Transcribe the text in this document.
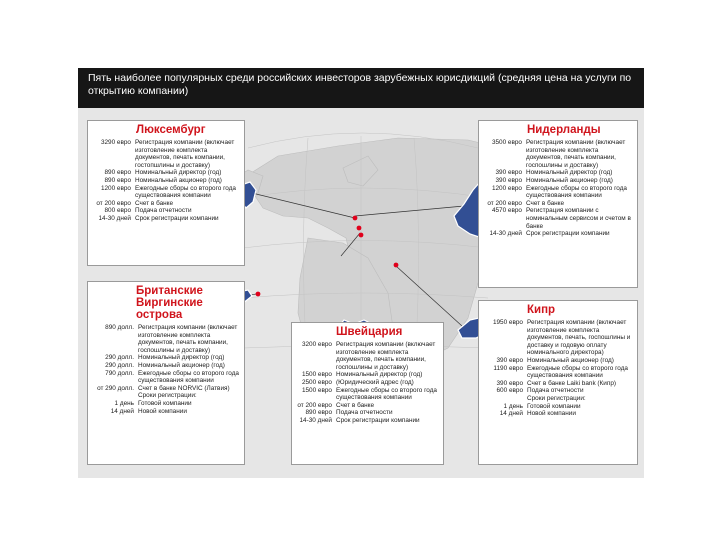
Пять наиболее популярных среди российских инвесторов зарубежных юрисдикций (средняя цена на услуги по открытию компании)
Люксембург
3290 евро Регистрация компании (включает изготовление комплекта документов, печать компании, гостопшлины и доставку)
890 евро Номинальный директор (год)
890 евро Номинальный акционер (год)
1200 евро Ежегодные сборы со второго года существования компании
от 200 евро Счет в банке
800 евро Подача отчетности
14-30 дней Срок регистрации компании
Нидерланды
3500 евро Регистрация компании (включает изготовление комплекта документов, печать компании, госпошлины и доставку)
390 евро Номинальный директор (год)
390 евро Номинальный акционер (год)
1200 евро Ежегодные сборы со второго года существования компании
от 200 евро Счет в банке
4570 евро Регистрация компании с номинальным сервисом и счетом в банке
14-30 дней Срок регистрации компании
Британские Виргинские острова
890 долл. Регистрация компании (включает изготовление комплекта документов, печать компании, госпошлины и доставку)
290 долл. Номинальный директор (год)
290 долл. Номинальный акционер (год)
790 долл. Ежегодные сборы со второго года существования компании
от 290 долл. Счет в банке NORVIC (Латвия)
Сроки регистрации:
1 день Готовой компании
14 дней Новой компании
Швейцария
3200 евро Регистрация компании (включает изготовление комплекта документов, печать компании, госпошлины и доставку)
1500 евро Номинальный директор (год)
2500 евро (Юридический адрес (год)
1500 евро Ежегодные сборы со второго года существования компании
от 200 евро Счет в банке
890 евро Подача отчетности
14-30 дней Срок регистрации компании
Кипр
1950 евро Регистрация компании (включает изготовление комплекта документов, печать, госпошлины и доставку и годовую оплату номинального директора)
390 евро Номинальный акционер (год)
1190 евро Ежегодные сборы со второго года существования компании
390 евро Счет в банке Laiki bank (Кипр)
600 евро Подача отчетности
Сроки регистрации:
1 день Готовой компании
14 дней Новой компании
